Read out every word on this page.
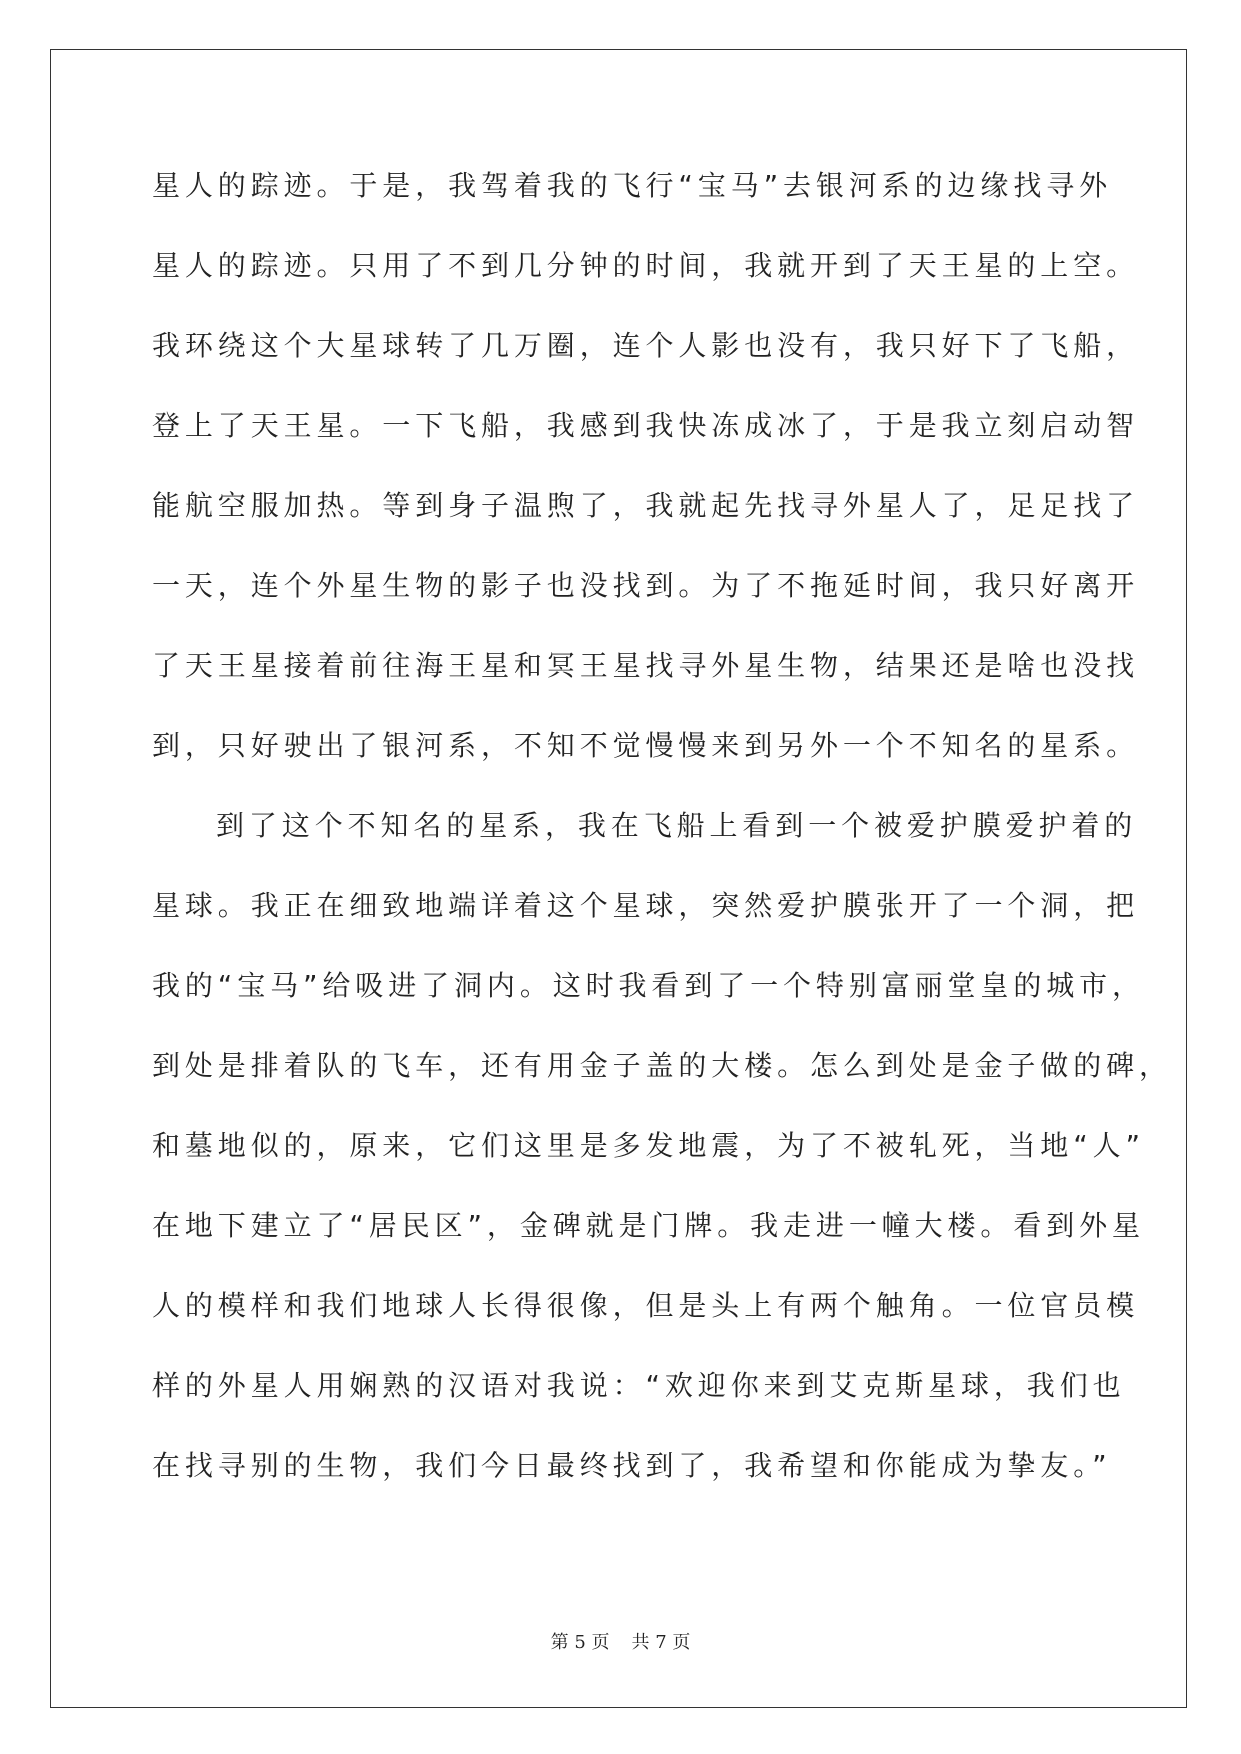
星人的踪迹。于是，我驾着我的飞行“宝马”去银河系的边缘找寻外
星人的踪迹。只用了不到几分钟的时间，我就开到了天王星的上空。
我环绕这个大星球转了几万圈，连个人影也没有，我只好下了飞船，
登上了天王星。一下飞船，我感到我快冻成冰了，于是我立刻启动智
能航空服加热。等到身子温煦了，我就起先找寻外星人了，足足找了
一天，连个外星生物的影子也没找到。为了不拖延时间，我只好离开
了天王星接着前往海王星和冥王星找寻外星生物，结果还是啥也没找
到，只好驶出了银河系，不知不觉慢慢来到另外一个不知名的星系。
到了这个不知名的星系，我在飞船上看到一个被爱护膜爱护着的
星球。我正在细致地端详着这个星球，突然爱护膜张开了一个洞，把
我的“宝马”给吸进了洞内。这时我看到了一个特别富丽堂皇的城市，
到处是排着队的飞车，还有用金子盖的大楼。怎么到处是金子做的碑，
和墓地似的，原来，它们这里是多发地震，为了不被轧死，当地“人”
在地下建立了“居民区”，金碑就是门牌。我走进一幢大楼。看到外星
人的模样和我们地球人长得很像，但是头上有两个触角。一位官员模
样的外星人用娴熟的汉语对我说：“欢迎你来到艾克斯星球，我们也
在找寻别的生物，我们今日最终找到了，我希望和你能成为挚友。”
第 5 页 共 7 页
